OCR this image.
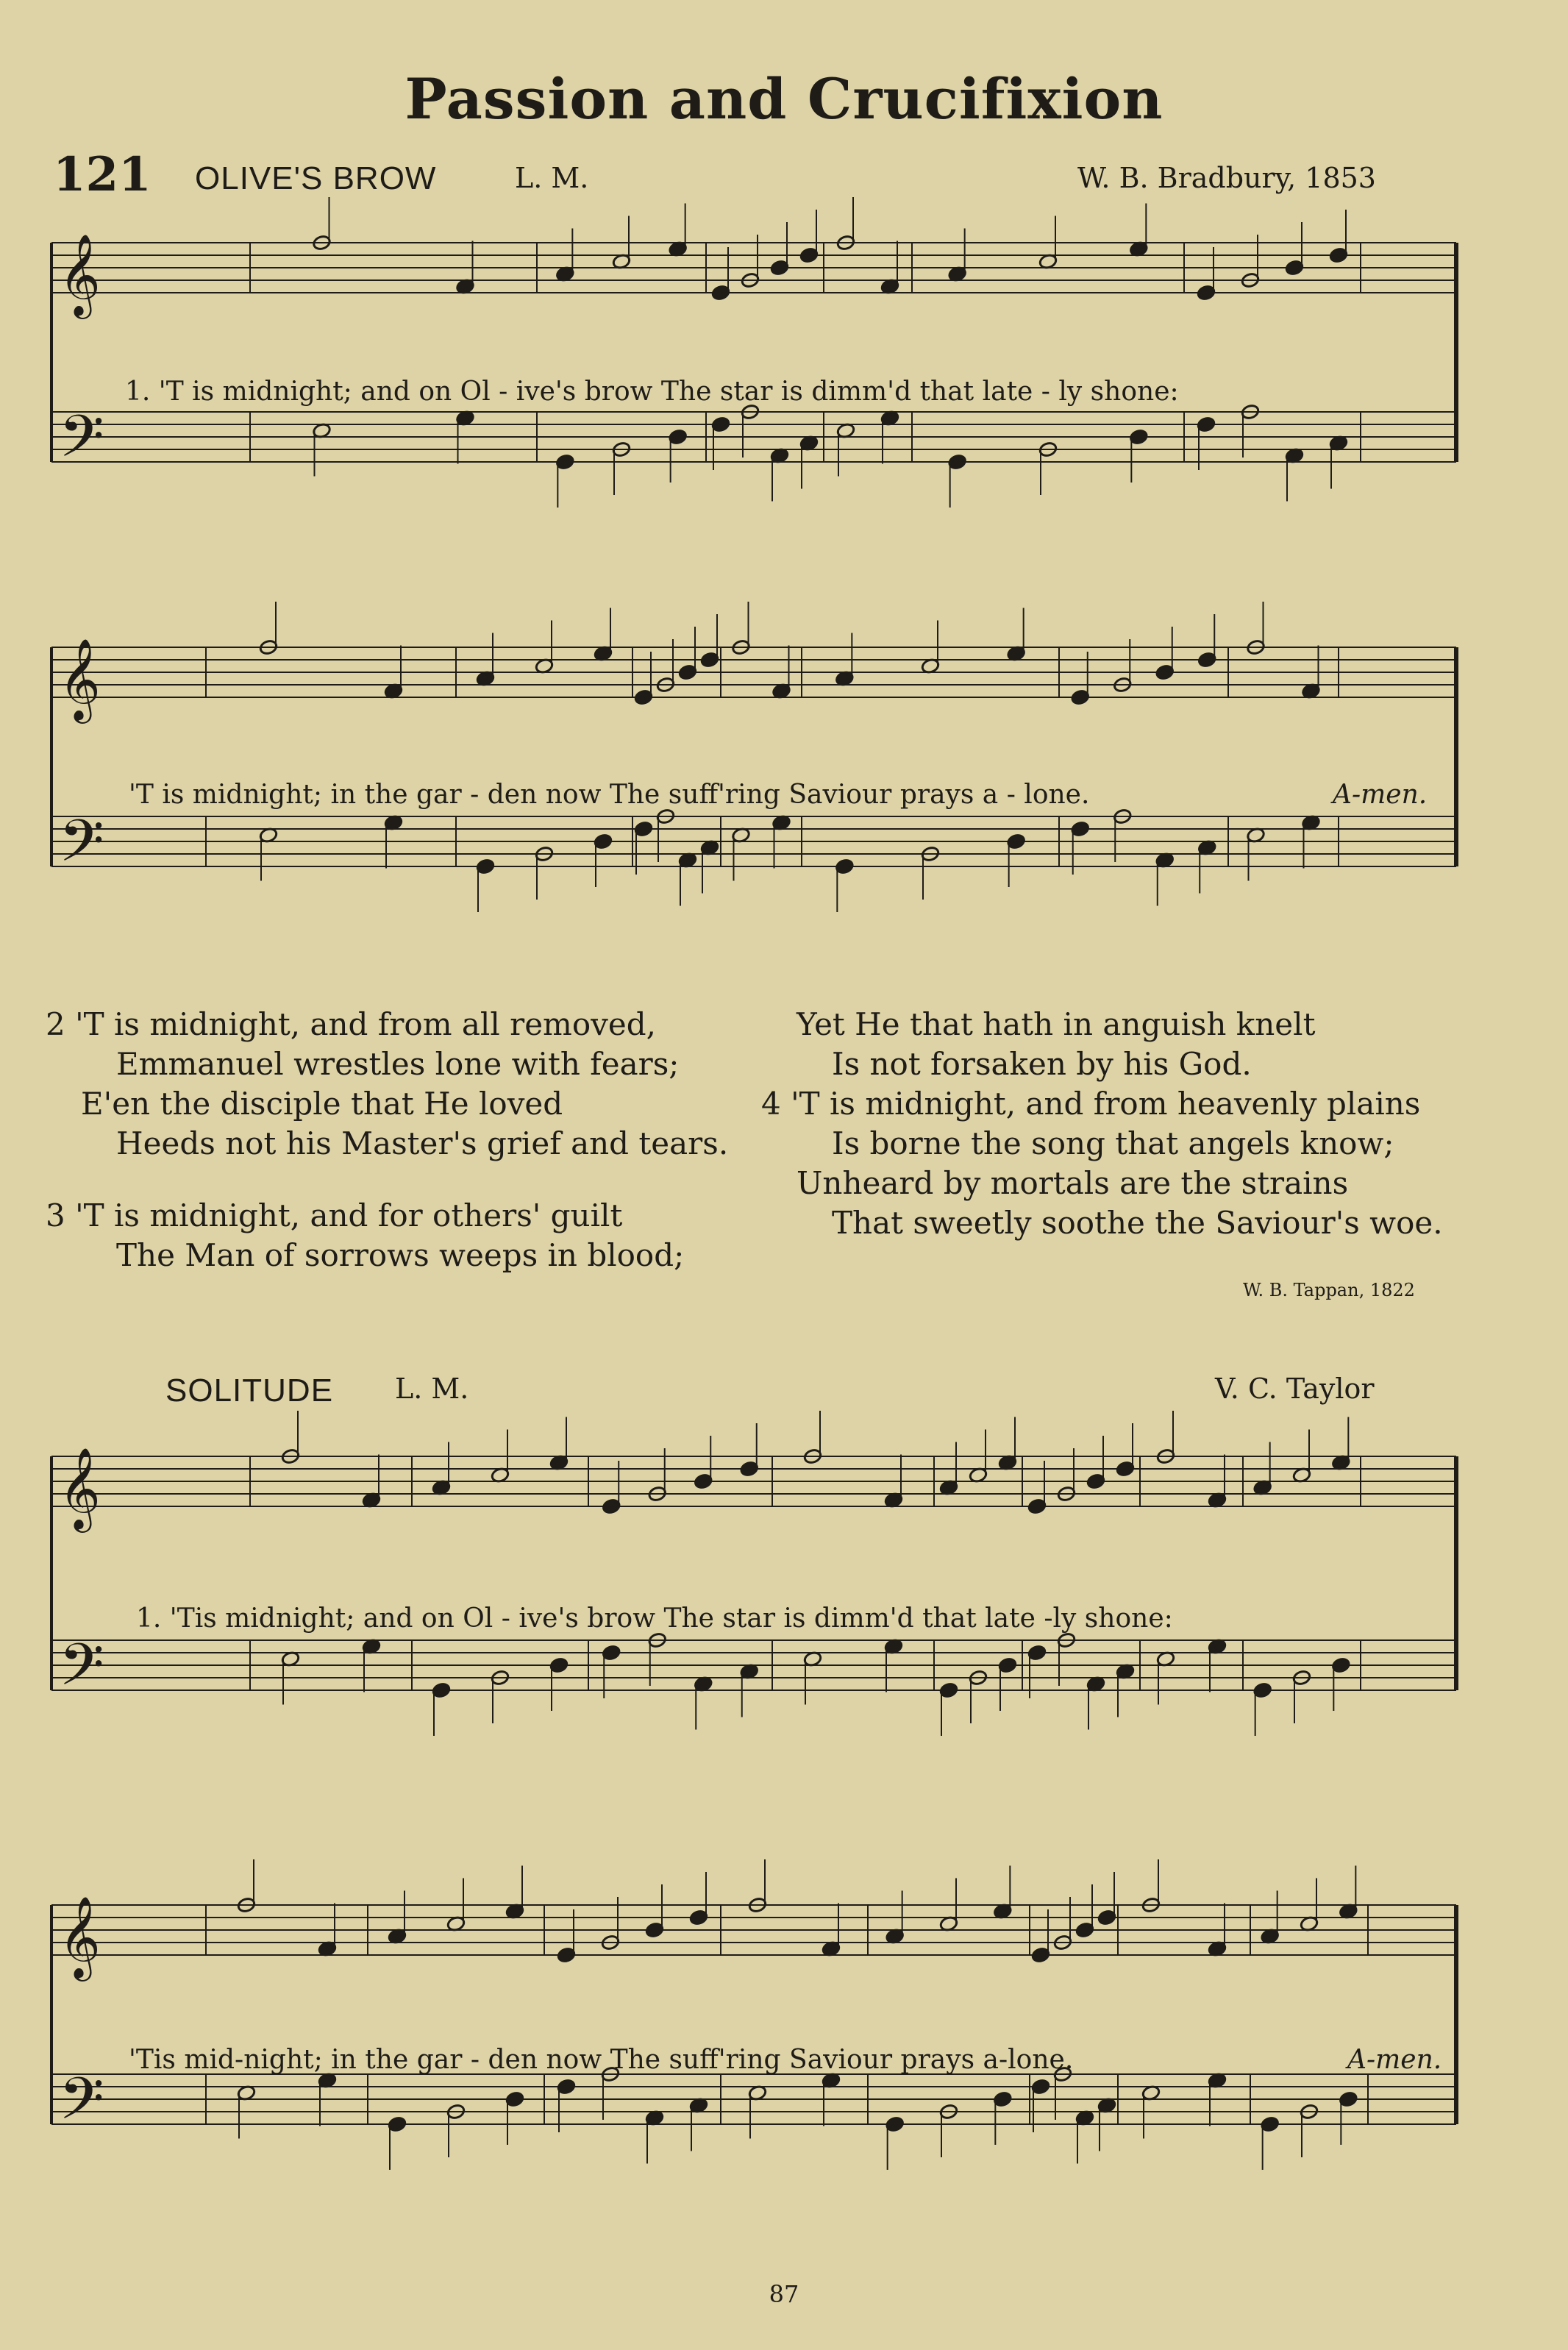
Passion and Crucifixion
121 OLIVE'S BROW	L. M.	W. B. Bradbury, 1853
𝄞
𝄢
1. 'T is midnight; and on Ol - ive's brow The star is dimm'd that late - ly shone:
𝄞
𝄢
'T is midnight; in the gar - den now The suff'ring Saviour prays a - lone.	A-men.
2 'T is midnight, and from all removed,
Emmanuel wrestles lone with fears;
E'en the disciple that He loved
Heeds not his Master's grief and tears.
3 'T is midnight, and for others' guilt
The Man of sorrows weeps in blood;
Yet He that hath in anguish knelt
Is not forsaken by his God.
4 'T is midnight, and from heavenly plains
Is borne the song that angels know;
Unheard by mortals are the strains
That sweetly soothe the Saviour's woe.
W. B. Tappan, 1822
SOLITUDE L. M.	V. C. Taylor
𝄞
𝄢
1. 'Tis midnight; and on Ol - ive's brow The star is dimm'd that late -ly shone:
𝄞
𝄢
'Tis mid-night; in the gar - den now The suff'ring Saviour prays a-lone.	A-men.
87
